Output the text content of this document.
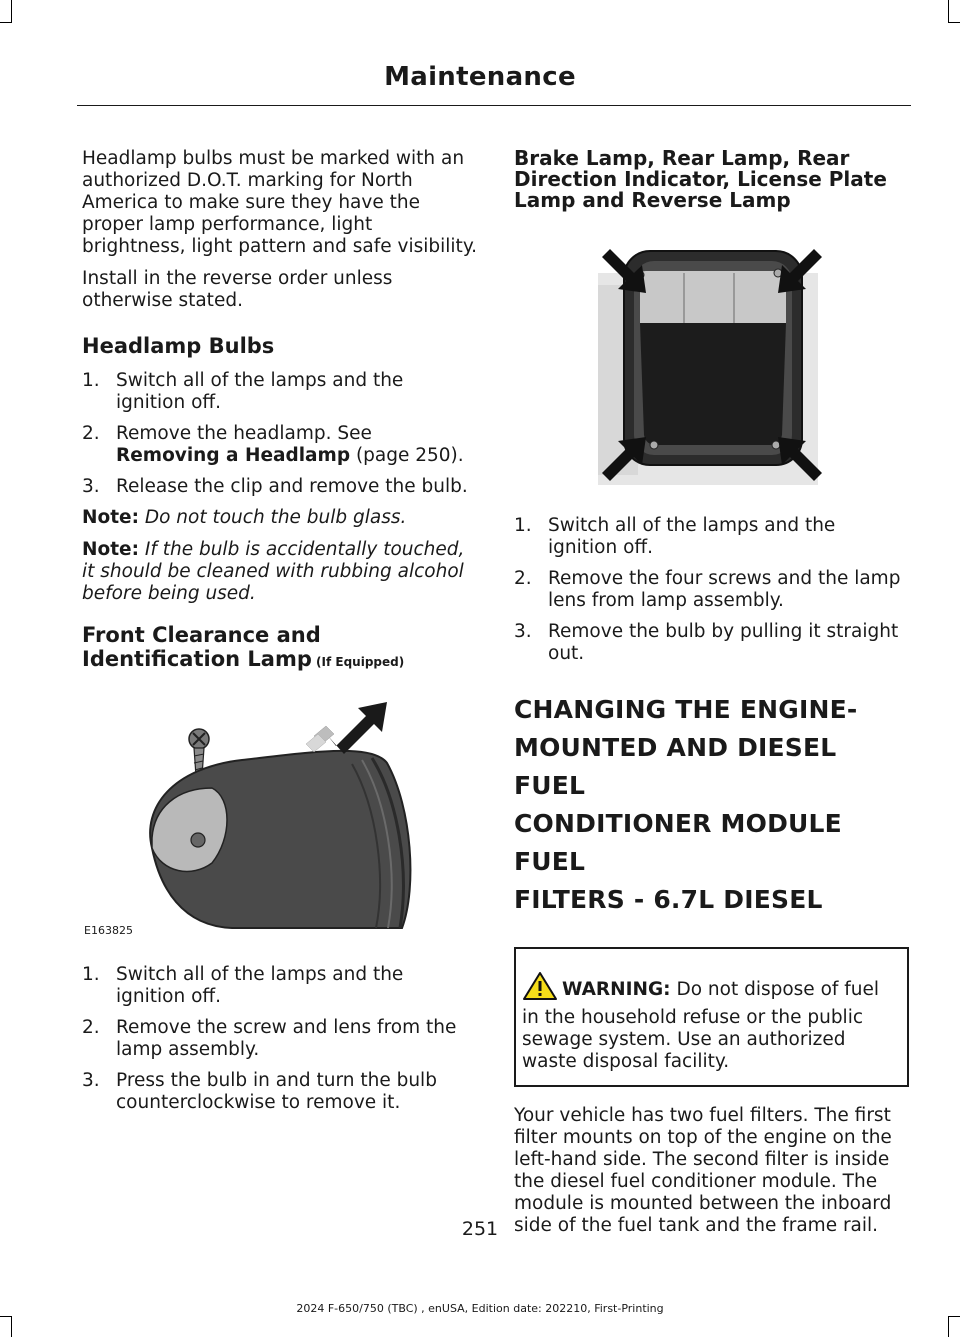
Maintenance

Headlamp bulbs must be marked with an authorized D.O.T. marking for North America to make sure they have the proper lamp performance, light brightness, light pattern and safe visibility.

Install in the reverse order unless otherwise stated.

Headlamp Bulbs
1. Switch all of the lamps and the ignition off.
2. Remove the headlamp. See Removing a Headlamp (page 250).
3. Release the clip and remove the bulb.

Note: Do not touch the bulb glass.

Note: If the bulb is accidentally touched, it should be cleaned with rubbing alcohol before being used.

Front Clearance and Identification Lamp (If Equipped)
E163825
1. Switch all of the lamps and the ignition off.
2. Remove the screw and lens from the lamp assembly.
3. Press the bulb in and turn the bulb counterclockwise to remove it.
Brake Lamp, Rear Lamp, Rear Direction Indicator, License Plate Lamp and Reverse Lamp
1. Switch all of the lamps and the ignition off.
2. Remove the four screws and the lamp lens from lamp assembly.
3. Remove the bulb by pulling it straight out.
CHANGING THE ENGINE-
MOUNTED AND DIESEL FUEL
CONDITIONER MODULE FUEL
FILTERS - 6.7L DIESEL
WARNING: Do not dispose of fuel in the household refuse or the public sewage system. Use an authorized waste disposal facility.

Your vehicle has two fuel filters. The first filter mounts on top of the engine on the left-hand side. The second filter is inside the diesel fuel conditioner module. The module is mounted between the inboard side of the fuel tank and the frame rail.

251
2024 F-650/750 (TBC) , enUSA, Edition date: 202210, First-Printing
